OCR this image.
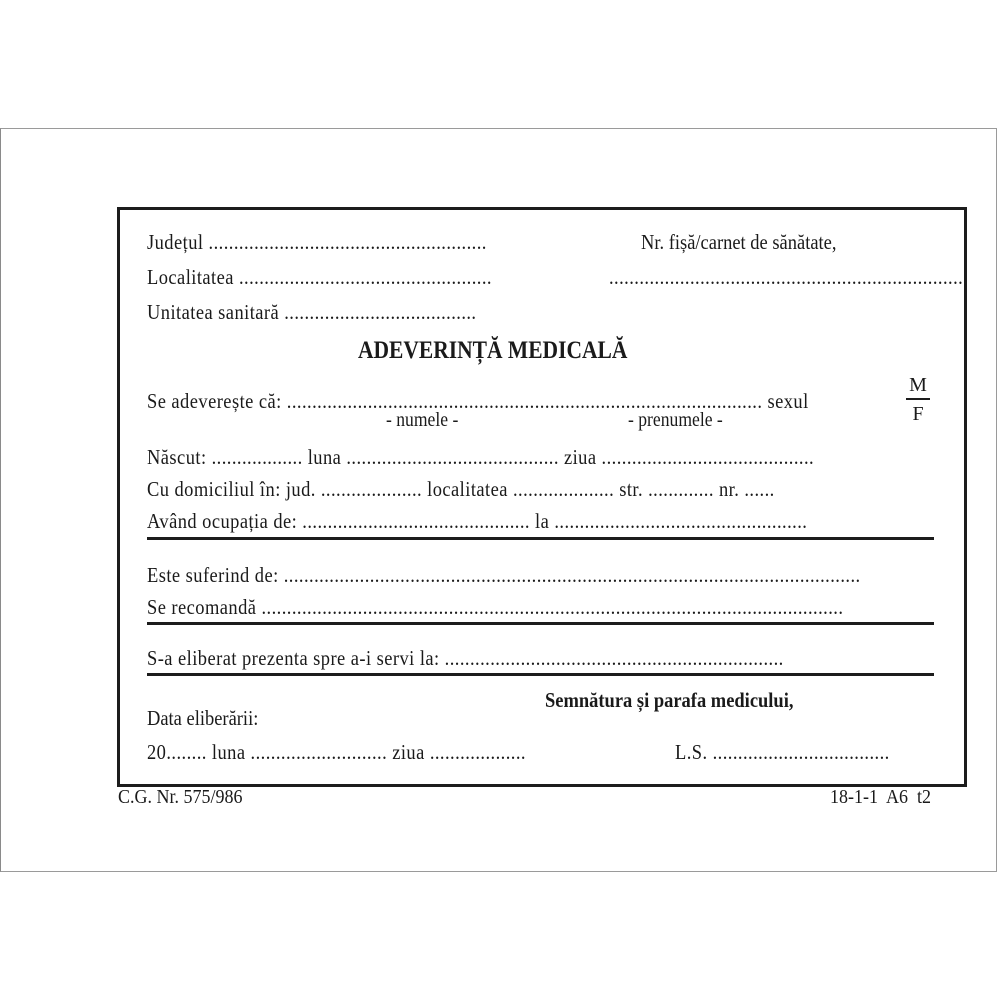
Județul .......................................................
Localitatea ..................................................
Unitatea sanitară ......................................
Nr. fișă/carnet de sănătate,
......................................................................
ADEVERINȚĂ MEDICALĂ
Se adeverește că: .............................................................................................. sexul
- numele -	- prenumele -
M
F
Născut: .................. luna .......................................... ziua ..........................................
Cu domiciliul în: jud. .................... localitatea .................... str. ............. nr. ......
Având ocupația de: ............................................. la ..................................................
Este suferind de: ..................................................................................................................
Se recomandă ...................................................................................................................
S-a eliberat prezenta spre a-i servi la: ...................................................................
Semnătura și parafa medicului,
Data eliberării:
20........ luna ........................... ziua ...................	L.S. ...................................
C.G. Nr. 575/986	18-1-1  A6  t2
